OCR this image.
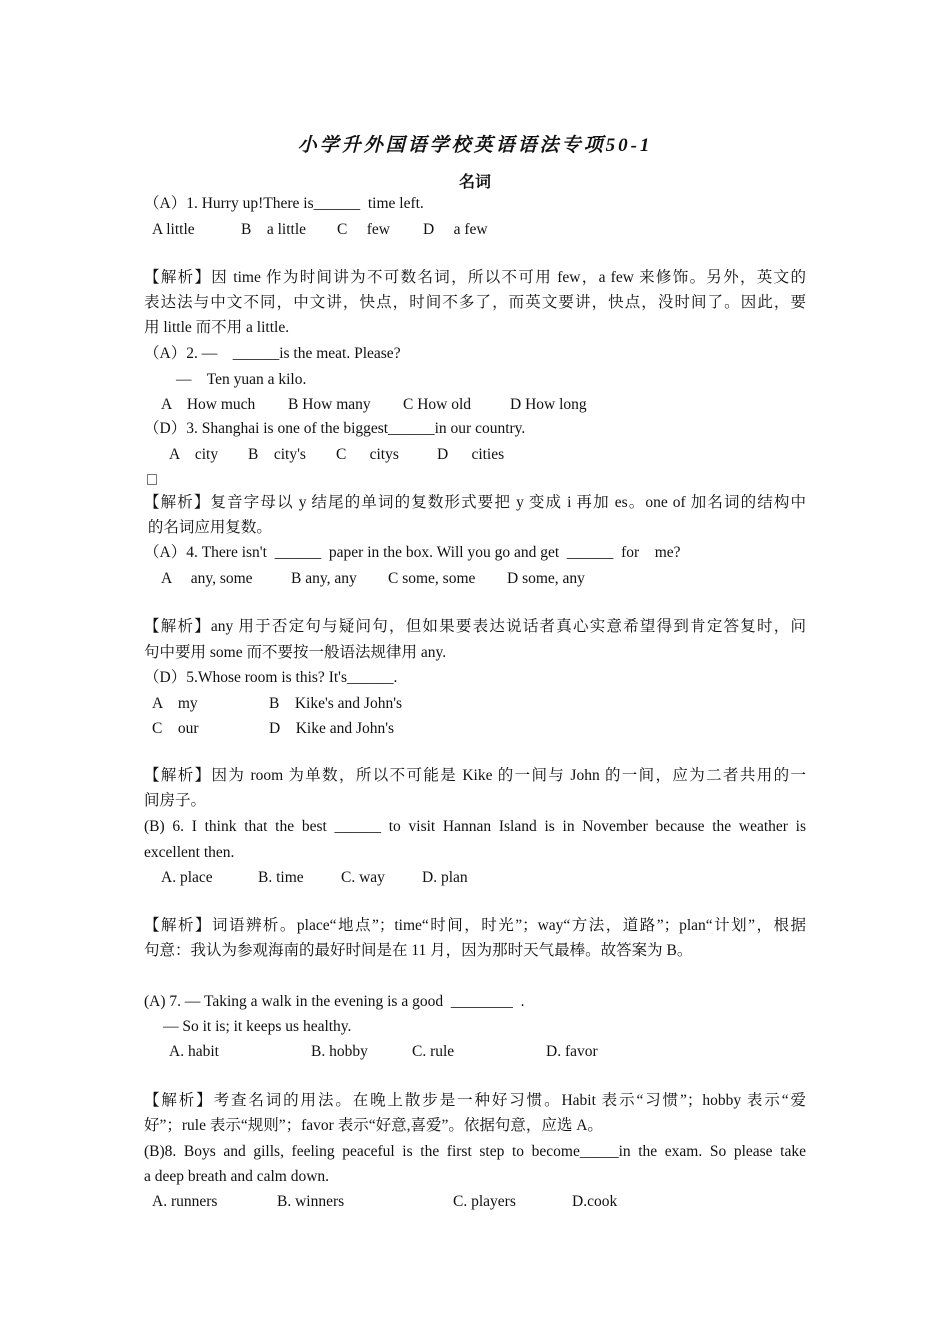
小学升外国语学校英语语法专项50-1
名词
（A）1. Hurry up!There is______  time left.
A little	B    a little C     few D     a few
【解析】因 time 作为时间讲为不可数名词，所以不可用 few，a few 来修饰。另外，英文的
表达法与中文不同，中文讲，快点，时间不多了，而英文要讲，快点，没时间了。因此，要
用 little 而不用 a little.
（A）2. —    ______is the meat. Please?
—    Ten yuan a kilo.
A    How much B How many C How old	D How long
（D）3. Shanghai is one of the biggest______in our country.
A    city B    city's C      citys D      cities
【解析】复音字母以 y 结尾的单词的复数形式要把 y 变成 i 再加 es。one of 加名词的结构中
的名词应用复数。
（A）4. There isn't  ______  paper in the box. Will you go and get  ______  for    me?
A     any, some B any, any C some, some D some, any
【解析】any 用于否定句与疑问句，但如果要表达说话者真心实意希望得到肯定答复时，问
句中要用 some 而不要按一般语法规律用 any.
（D）5.Whose room is this? It's______.
A    my	B    Kike's and John's
C    our	D    Kike and John's
【解析】因为 room 为单数，所以不可能是 Kike 的一间与 John 的一间，应为二者共用的一
间房子。
(B) 6. I think that the best ______ to visit Hannan Island is in November because the weather is
excellent then.
A. place	B. time C. way D. plan
【解析】词语辨析。place“地点”；time“时间，时光”；way“方法，道路”；plan“计划”，根据
句意：我认为参观海南的最好时间是在 11 月，因为那时天气最棒。故答案为 B。
(A) 7. — Taking a walk in the evening is a good  ________  .
— So it is; it keeps us healthy.
A. habit	B. hobby	C. rule	D. favor
【解析】考查名词的用法。在晚上散步是一种好习惯。Habit 表示“习惯”；hobby 表示“爱
好”；rule 表示“规则”；favor 表示“好意,喜爱”。依据句意，应选 A。
(B)8. Boys and gills, feeling peaceful is the first step to become_____in the exam. So please take
a deep breath and calm down.
A. runners	B. winners	C. players	D.cook
